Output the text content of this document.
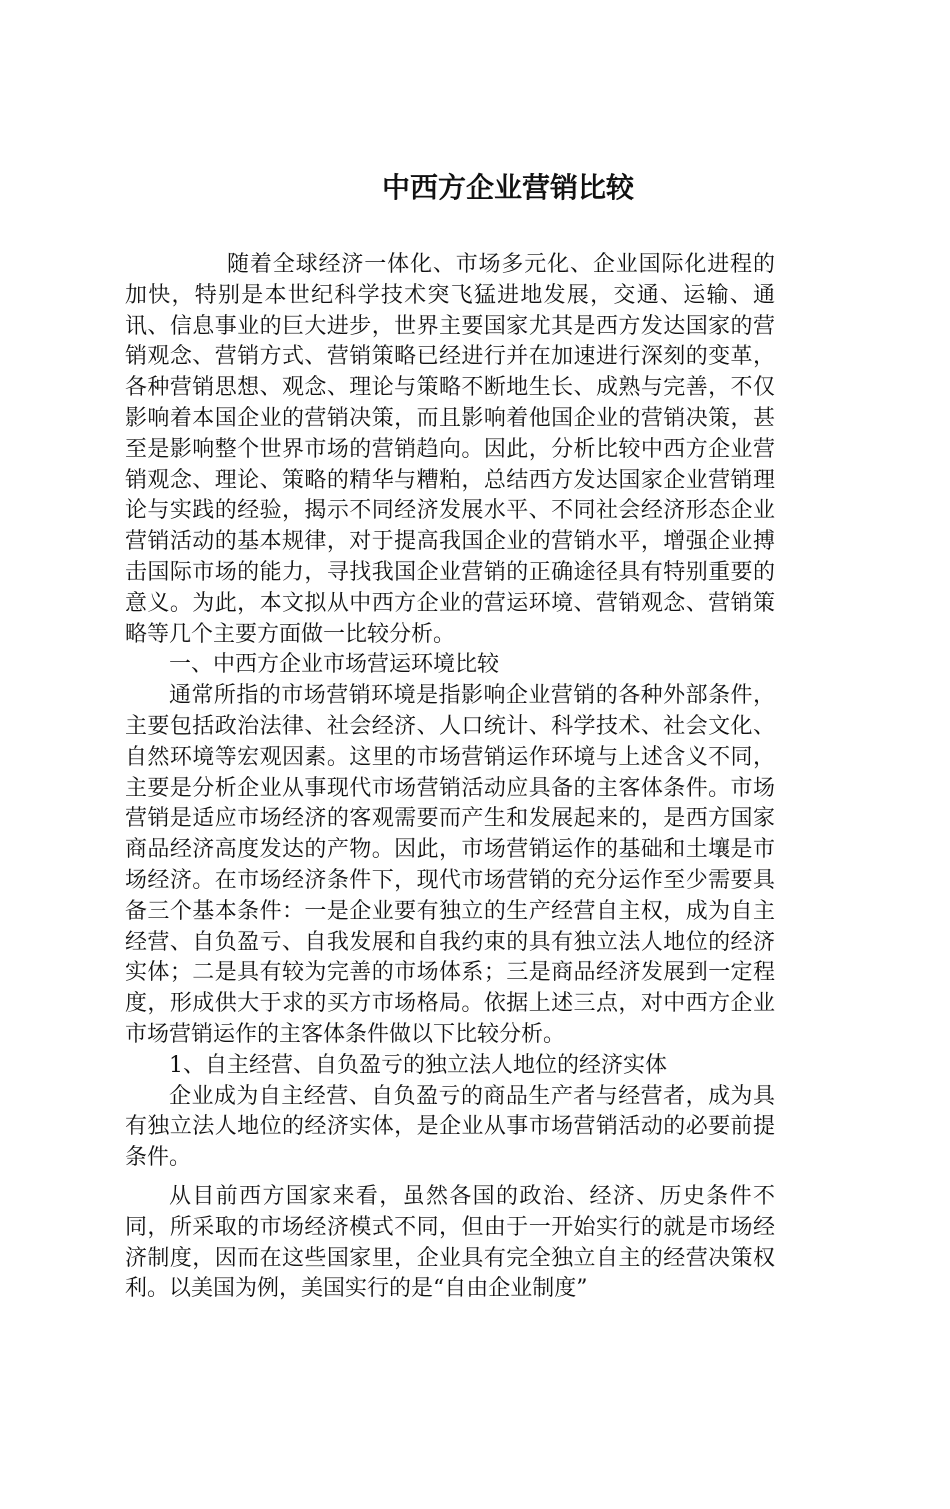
中西方企业营销比较

随着全球经济一体化、市场多元化、企业国际化进程的加快，特别是本世纪科学技术突飞猛进地发展，交通、运输、通讯、信息事业的巨大进步，世界主要国家尤其是西方发达国家的营销观念、营销方式、营销策略已经进行并在加速进行深刻的变革，各种营销思想、观念、理论与策略不断地生长、成熟与完善，不仅影响着本国企业的营销决策，而且影响着他国企业的营销决策，甚至是影响整个世界市场的营销趋向。因此，分析比较中西方企业营销观念、理论、策略的精华与糟粕，总结西方发达国家企业营销理论与实践的经验，揭示不同经济发展水平、不同社会经济形态企业营销活动的基本规律，对于提高我国企业的营销水平，增强企业搏击国际市场的能力，寻找我国企业营销的正确途径具有特别重要的意义。为此，本文拟从中西方企业的营运环境、营销观念、营销策略等几个主要方面做一比较分析。

一、中西方企业市场营运环境比较

通常所指的市场营销环境是指影响企业营销的各种外部条件，主要包括政治法律、社会经济、人口统计、科学技术、社会文化、自然环境等宏观因素。这里的市场营销运作环境与上述含义不同，主要是分析企业从事现代市场营销活动应具备的主客体条件。市场营销是适应市场经济的客观需要而产生和发展起来的，是西方国家商品经济高度发达的产物。因此，市场营销运作的基础和土壤是市场经济。在市场经济条件下，现代市场营销的充分运作至少需要具备三个基本条件：一是企业要有独立的生产经营自主权，成为自主经营、自负盈亏、自我发展和自我约束的具有独立法人地位的经济实体；二是具有较为完善的市场体系；三是商品经济发展到一定程度，形成供大于求的买方市场格局。依据上述三点，对中西方企业市场营销运作的主客体条件做以下比较分析。

1、自主经营、自负盈亏的独立法人地位的经济实体

企业成为自主经营、自负盈亏的商品生产者与经营者，成为具有独立法人地位的经济实体，是企业从事市场营销活动的必要前提条件。

从目前西方国家来看，虽然各国的政治、经济、历史条件不同，所采取的市场经济模式不同，但由于一开始实行的就是市场经济制度，因而在这些国家里，企业具有完全独立自主的经营决策权利。以美国为例，美国实行的是“自由企业制度”
